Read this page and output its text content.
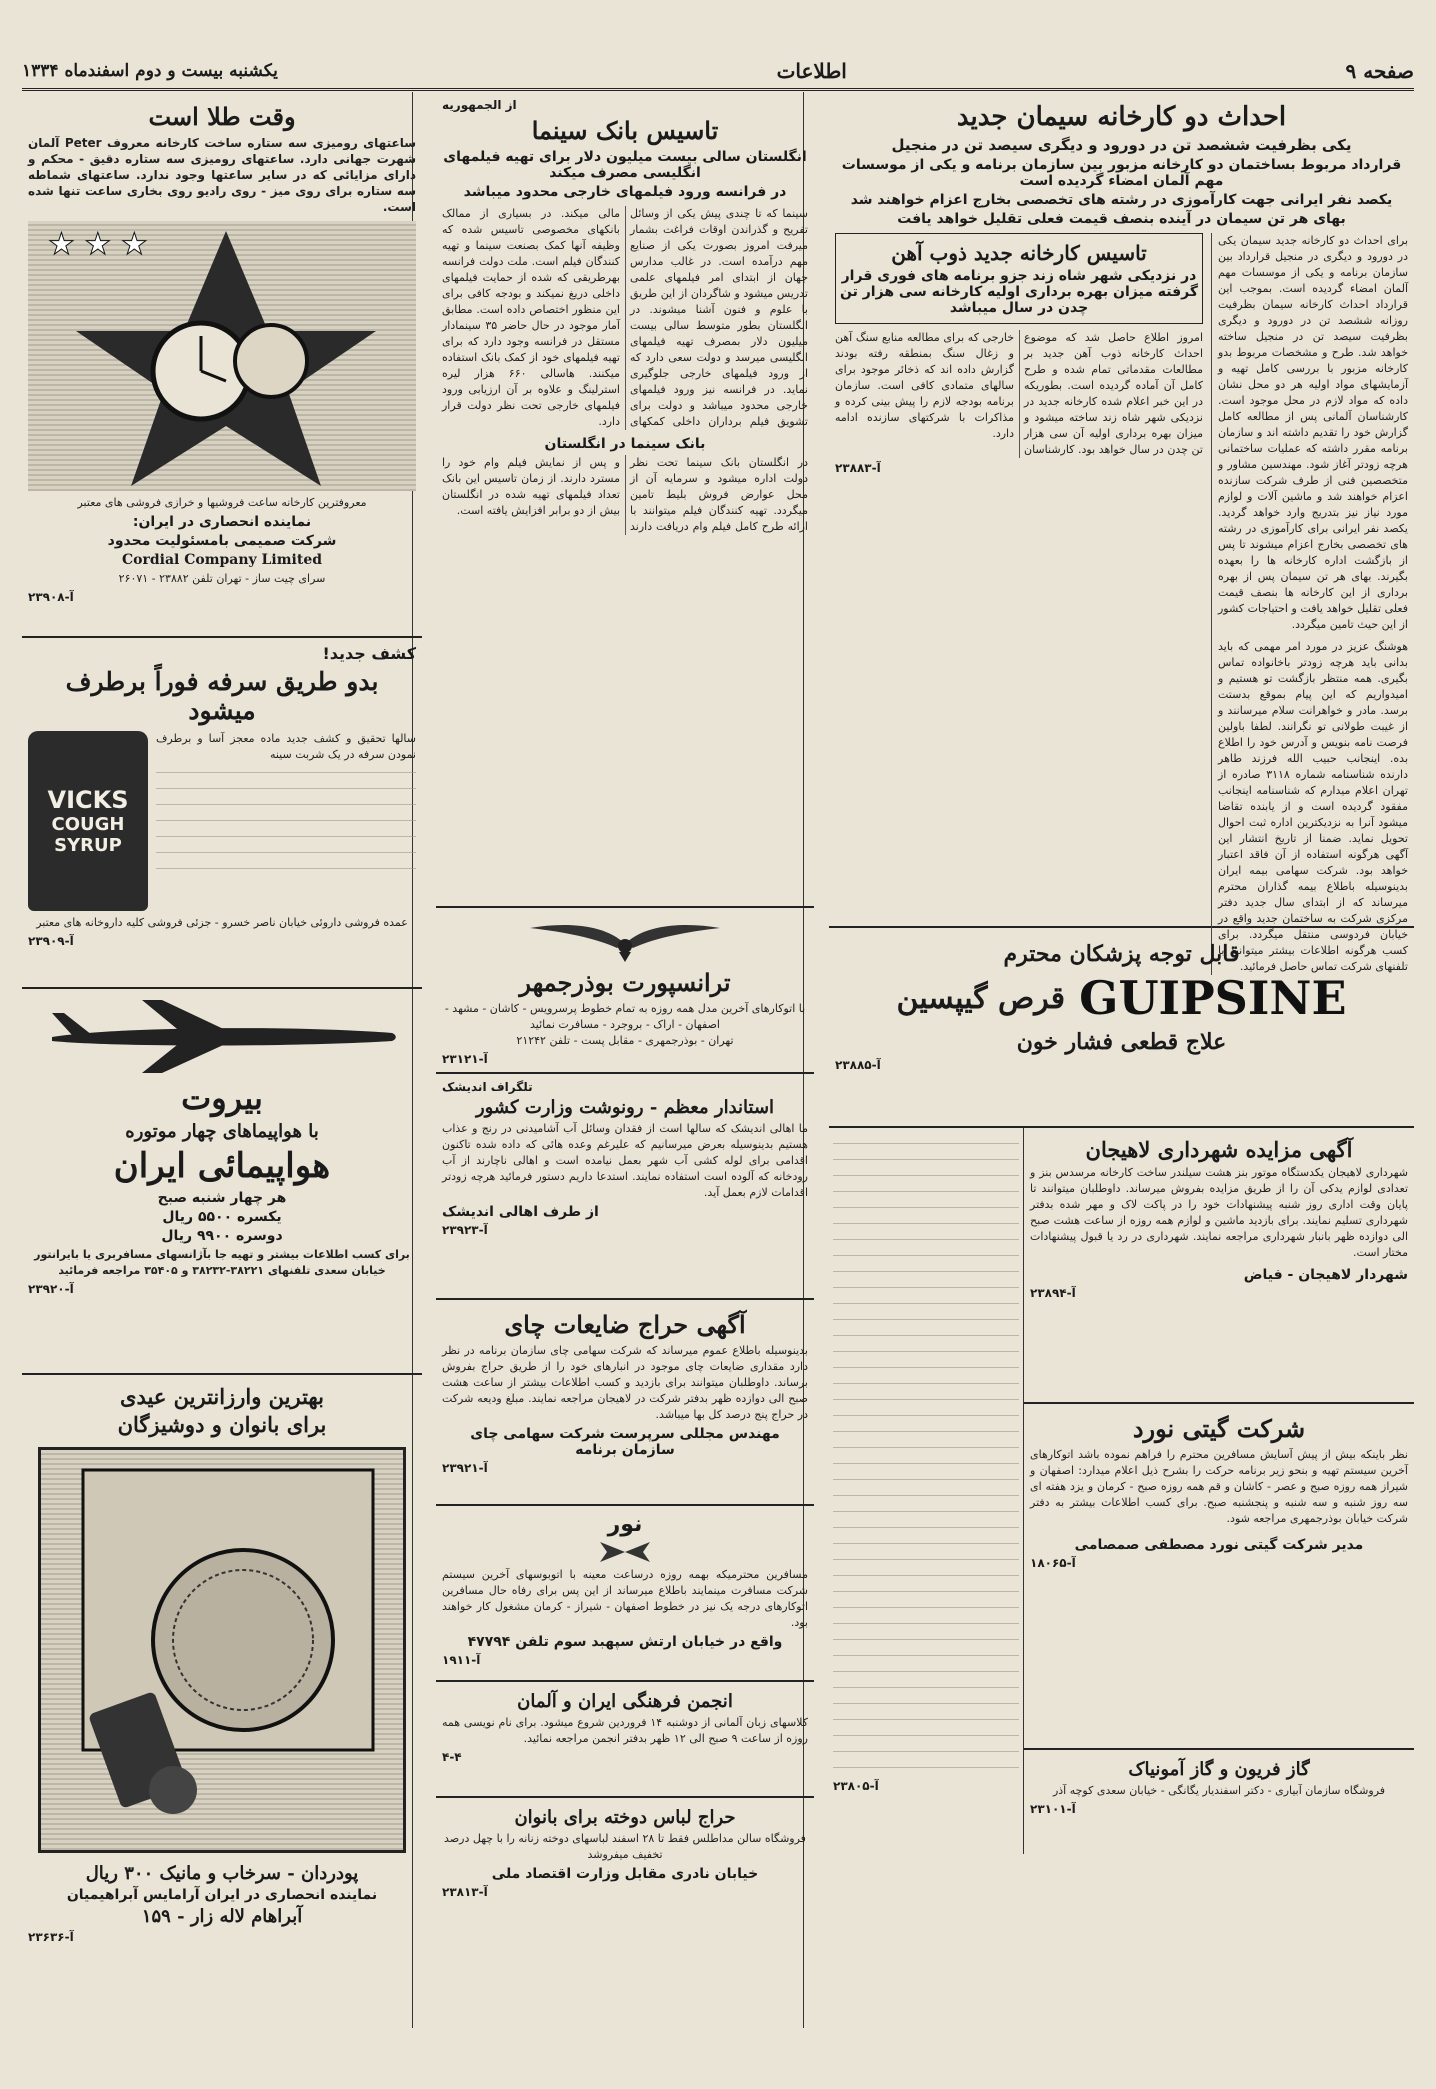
صفحه ۹
اطلاعات
یکشنبه بیست و دوم اسفندماه ۱۳۳۴
احداث دو کارخانه سیمان جدید
یکی بظرفیت ششصد تن در دورود و دیگری سیصد تن در منجیل
قرارداد مربوط بساختمان دو کارخانه مزبور بین سازمان برنامه و یکی از موسسات مهم آلمان امضاء گردیده است
یکصد نفر ایرانی جهت کارآموزی در رشته های تخصصی بخارج اعزام خواهند شد
بهای هر تن سیمان در آینده بنصف قیمت فعلی تقلیل خواهد یافت
برای احداث دو کارخانه جدید سیمان یکی در دورود و دیگری در منجیل قرارداد بین سازمان برنامه و یکی از موسسات مهم آلمان امضاء گردیده است. بموجب این قرارداد احداث کارخانه سیمان بظرفیت روزانه ششصد تن در دورود و دیگری بظرفیت سیصد تن در منجیل ساخته خواهد شد. طرح و مشخصات مربوط بدو کارخانه مزبور با بررسی کامل تهیه و آزمایشهای مواد اولیه هر دو محل نشان داده که مواد لازم در محل موجود است. کارشناسان آلمانی پس از مطالعه کامل گزارش خود را تقدیم داشته اند و سازمان برنامه مقرر داشته که عملیات ساختمانی هرچه زودتر آغاز شود. مهندسین مشاور و متخصصین فنی از طرف شرکت سازنده اعزام خواهند شد و ماشین آلات و لوازم مورد نیاز نیز بتدریج وارد خواهد گردید. یکصد نفر ایرانی برای کارآموزی در رشته های تخصصی بخارج اعزام میشوند تا پس از بازگشت اداره کارخانه ها را بعهده بگیرند. بهای هر تن سیمان پس از بهره برداری از این کارخانه ها بنصف قیمت فعلی تقلیل خواهد یافت و احتیاجات کشور از این حیث تامین میگردد.
هوشنگ عزیز در مورد امر مهمی که باید بدانی باید هرچه زودتر باخانواده تماس بگیری. همه منتظر بازگشت تو هستیم و امیدواریم که این پیام بموقع بدستت برسد. مادر و خواهرانت سلام میرسانند و از غیبت طولانی تو نگرانند. لطفا باولین فرصت نامه بنویس و آدرس خود را اطلاع بده. اینجانب حبیب الله فرزند طاهر دارنده شناسنامه شماره ۳۱۱۸ صادره از تهران اعلام میدارم که شناسنامه اینجانب مفقود گردیده است و از یابنده تقاضا میشود آنرا به نزدیکترین اداره ثبت احوال تحویل نماید. ضمنا از تاریخ انتشار این آگهی هرگونه استفاده از آن فاقد اعتبار خواهد بود. شرکت سهامی بیمه ایران بدینوسیله باطلاع بیمه گذاران محترم میرساند که از ابتدای سال جدید دفتر مرکزی شرکت به ساختمان جدید واقع در خیابان فردوسی منتقل میگردد. برای کسب هرگونه اطلاعات بیشتر میتوانید با تلفنهای شرکت تماس حاصل فرمائید.
تاسیس کارخانه جدید ذوب آهن
در نزدیکی شهر شاه زند جزو برنامه های فوری قرار گرفته میزان بهره برداری اولیه کارخانه سی هزار تن چدن در سال میباشد
امروز اطلاع حاصل شد که موضوع احداث کارخانه ذوب آهن جدید بر مطالعات مقدماتی تمام شده و طرح کامل آن آماده گردیده است. بطوریکه در این خبر اعلام شده کارخانه جدید در نزدیکی شهر شاه زند ساخته میشود و میزان بهره برداری اولیه آن سی هزار تن چدن در سال خواهد بود. کارشناسان خارجی که برای مطالعه منابع سنگ آهن و زغال سنگ بمنطقه رفته بودند گزارش داده اند که ذخائر موجود برای سالهای متمادی کافی است. سازمان برنامه بودجه لازم را پیش بینی کرده و مذاکرات با شرکتهای سازنده ادامه دارد.
۲۳۸۸۳-آ
قابل توجه پزشکان محترم
GUIPSINE
قرص گیپسین
علاج قطعی فشار خون
۲۳۸۸۵-آ
آگهی مزایده شهرداری لاهیجان
شهرداری لاهیجان یکدستگاه موتور بنز هشت سیلندر ساخت کارخانه مرسدس بنز و تعدادی لوازم یدکی آن را از طریق مزایده بفروش میرساند. داوطلبان میتوانند تا پایان وقت اداری روز شنبه پیشنهادات خود را در پاکت لاک و مهر شده بدفتر شهرداری تسلیم نمایند. برای بازدید ماشین و لوازم همه روزه از ساعت هشت صبح الی دوازده ظهر بانبار شهرداری مراجعه نمایند. شهرداری در رد یا قبول پیشنهادات مختار است.
شهردار لاهیجان - فیاض
۲۳۸۹۴-آ
شرکت گیتی نورد
نظر باینکه بیش از پیش آسایش مسافرین محترم را فراهم نموده باشد اتوکارهای آخرین سیستم تهیه و بنحو زیر برنامه حرکت را بشرح ذیل اعلام میدارد: اصفهان و شیراز همه روزه صبح و عصر - کاشان و قم همه روزه صبح - کرمان و یزد هفته ای سه روز شنبه و سه شنبه و پنجشنبه صبح. برای کسب اطلاعات بیشتر به دفتر شرکت خیابان بوذرجمهری مراجعه شود.
مدیر شرکت گیتی نورد مصطفی صمصامی
۱۸۰۶۵-آ
گاز فریون و گاز آمونیاک
فروشگاه سازمان آبیاری - دکتر اسفندیار یگانگی - خیابان سعدی کوچه آذر
۲۳۱۰۱-آ
۲۳۸۰۵-آ
از الجمهوریه
تاسیس بانک سینما
انگلستان سالی بیست میلیون دلار برای تهیه فیلمهای انگلیسی مصرف میکند
در فرانسه ورود فیلمهای خارجی محدود میباشد
سینما که تا چندی پیش یکی از وسائل تفریح و گذراندن اوقات فراغت بشمار میرفت امروز بصورت یکی از صنایع مهم درآمده است. در غالب مدارس جهان از ابتدای امر فیلمهای علمی تدریس میشود و شاگردان از این طریق با علوم و فنون آشنا میشوند. در انگلستان بطور متوسط سالی بیست میلیون دلار بمصرف تهیه فیلمهای انگلیسی میرسد و دولت سعی دارد که از ورود فیلمهای خارجی جلوگیری نماید. در فرانسه نیز ورود فیلمهای خارجی محدود میباشد و دولت برای تشویق فیلم برداران داخلی کمکهای مالی میکند. در بسیاری از ممالک بانکهای مخصوصی تاسیس شده که وظیفه آنها کمک بصنعت سینما و تهیه کنندگان فیلم است. ملت دولت فرانسه بهرطریقی که شده از حمایت فیلمهای داخلی دریغ نمیکند و بودجه کافی برای این منظور اختصاص داده است. مطابق آمار موجود در حال حاضر ۳۵ سینمادار مستقل در فرانسه وجود دارد که برای تهیه فیلمهای خود از کمک بانک استفاده میکنند. هاسالی ۶۶۰ هزار لیره استرلینگ و علاوه بر آن ارزیابی ورود فیلمهای خارجی تحت نظر دولت قرار دارد.
بانک سینما در انگلستان
در انگلستان بانک سینما تحت نظر دولت اداره میشود و سرمایه آن از محل عوارض فروش بلیط تامین میگردد. تهیه کنندگان فیلم میتوانند با ارائه طرح کامل فیلم وام دریافت دارند و پس از نمایش فیلم وام خود را مسترد دارند. از زمان تاسیس این بانک تعداد فیلمهای تهیه شده در انگلستان بیش از دو برابر افزایش یافته است.
ترانسپورت بوذرجمهر
با اتوکارهای آخرین مدل همه روزه به تمام خطوط پرسرویس - کاشان - مشهد - اصفهان - اراک - بروجرد - مسافرت نمائید
تهران - بوذرجمهری - مقابل پست - تلفن ۲۱۲۴۲
۲۳۱۲۱-آ
تلگراف اندیشک
استاندار معظم - رونوشت وزارت کشور
ما اهالی اندیشک که سالها است از فقدان وسائل آب آشامیدنی در رنج و عذاب هستیم بدینوسیله بعرض میرسانیم که علیرغم وعده هائی که داده شده تاکنون اقدامی برای لوله کشی آب شهر بعمل نیامده است و اهالی ناچارند از آب رودخانه که آلوده است استفاده نمایند. استدعا داریم دستور فرمائید هرچه زودتر اقدامات لازم بعمل آید.
از طرف اهالی اندیشک
۲۳۹۲۳-آ
آگهی حراج ضایعات چای
بدینوسیله باطلاع عموم میرساند که شرکت سهامی چای سازمان برنامه در نظر دارد مقداری ضایعات چای موجود در انبارهای خود را از طریق حراج بفروش برساند. داوطلبان میتوانند برای بازدید و کسب اطلاعات بیشتر از ساعت هشت صبح الی دوازده ظهر بدفتر شرکت در لاهیجان مراجعه نمایند. مبلغ ودیعه شرکت در حراج پنج درصد کل بها میباشد.
مهندس مجللی سرپرست شرکت سهامی چای سازمان برنامه
۲۳۹۲۱-آ
نور
مسافرین محترمیکه بهمه روزه درساعت معینه با اتوبوسهای آخرین سیستم شرکت مسافرت مینمایند باطلاع میرساند از این پس برای رفاه حال مسافرین اتوکارهای درجه یک نیز در خطوط اصفهان - شیراز - کرمان مشغول کار خواهند بود.
واقع در خیابان ارتش سپهبد سوم تلفن ۴۷۷۹۴
۱۹۱۱-آ
انجمن فرهنگی ایران و آلمان
کلاسهای زبان آلمانی از دوشنبه ۱۴ فروردین شروع میشود. برای نام نویسی همه روزه از ساعت ۹ صبح الی ۱۲ ظهر بدفتر انجمن مراجعه نمائید.
۴-۴
حراج لباس دوخته برای بانوان
فروشگاه سالن مداطلس فقط تا ۲۸ اسفند لباسهای دوخته زنانه را با چهل درصد تخفیف میفروشد
خیابان نادری مقابل وزارت اقتصاد ملی
۲۳۸۱۳-آ
وقت طلا است
ساعتهای رومیزی سه ستاره ساخت کارخانه معروف Peter آلمان شهرت جهانی دارد. ساعتهای رومیزی سه ستاره دقیق - محکم و دارای مزایائی که در سایر ساعتها وجود ندارد. ساعتهای شماطه سه ستاره برای روی میز - روی رادیو روی بخاری ساعت تنها شده است.
★ ★ ★
معروفترین کارخانه ساعت فروشیها و خرازی فروشی های معتبر
نماینده انحصاری در ایران:
شرکت صمیمی بامسئولیت محدود
Cordial Company Limited
سرای چیت ساز - تهران تلفن ۲۳۸۸۲ - ۲۶۰۷۱
۲۳۹۰۸-آ
کشف جدید!
بدو طریق سرفه فوراً برطرف میشود
سالها تحقیق و کشف جدید ماده معجز آسا و برطرف نمودن سرفه در یک شربت سینه
VICKS
COUGH
SYRUP
عمده فروشی داروئی خیابان ناصر خسرو - جزئی فروشی کلیه داروخانه های معتبر
۲۳۹۰۹-آ
بیروت
با هواپیماهای چهار موتوره
هواپیمائی ایران
هر چهار شنبه صبح
یکسره ۵۵۰۰ ریال
دوسره ۹۹۰۰ ریال
برای کسب اطلاعات بیشتر و تهیه جا بآژانسهای مسافربری یا بایرانتور خیابان سعدی تلفنهای ۳۸۲۲۱-۳۸۲۳۲ و ۳۵۴۰۵ مراجعه فرمائید
۲۳۹۲۰-آ
بهترین وارزانترین عیدی
برای بانوان و دوشیزگان
پودردان - سرخاب و مانیک ۳۰۰ ریال
نماینده انحصاری در ایران آرامایس آبراهیمیان
آبراهام لاله زار - ۱۵۹
۲۳۶۳۶-آ
